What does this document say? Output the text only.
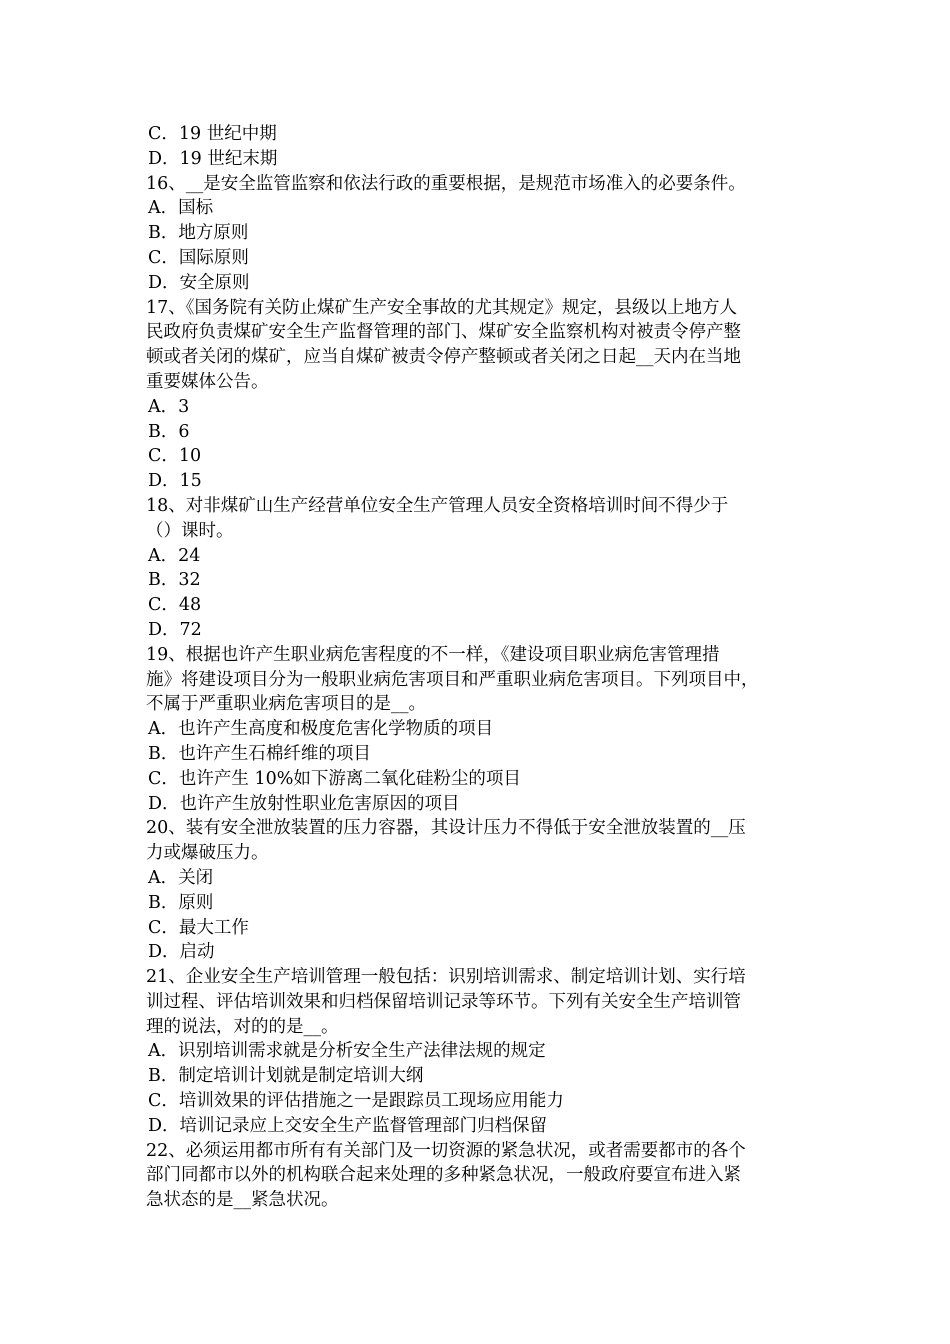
C．19 世纪中期
D．19 世纪末期
16、__是安全监管监察和依法行政的重要根据，是规范市场准入的必要条件。
A．国标
B．地方原则
C．国际原则
D．安全原则
17、《国务院有关防止煤矿生产安全事故的尤其规定》规定，县级以上地方人
民政府负责煤矿安全生产监督管理的部门、煤矿安全监察机构对被责令停产整
顿或者关闭的煤矿，应当自煤矿被责令停产整顿或者关闭之日起__天内在当地
重要媒体公告。
A．3
B．6
C．10
D．15
18、对非煤矿山生产经营单位安全生产管理人员安全资格培训时间不得少于
（）课时。
A．24
B．32
C．48
D．72
19、根据也许产生职业病危害程度的不一样，《建设项目职业病危害管理措
施》将建设项目分为一般职业病危害项目和严重职业病危害项目。下列项目中，
不属于严重职业病危害项目的是__。
A．也许产生高度和极度危害化学物质的项目
B．也许产生石棉纤维的项目
C．也许产生 10%如下游离二氧化硅粉尘的项目
D．也许产生放射性职业危害原因的项目
20、装有安全泄放装置的压力容器，其设计压力不得低于安全泄放装置的__压
力或爆破压力。
A．关闭
B．原则
C．最大工作
D．启动
21、企业安全生产培训管理一般包括：识别培训需求、制定培训计划、实行培
训过程、评估培训效果和归档保留培训记录等环节。下列有关安全生产培训管
理的说法，对的的是__。
A．识别培训需求就是分析安全生产法律法规的规定
B．制定培训计划就是制定培训大纲
C．培训效果的评估措施之一是跟踪员工现场应用能力
D．培训记录应上交安全生产监督管理部门归档保留
22、必须运用都市所有有关部门及一切资源的紧急状况，或者需要都市的各个
部门同都市以外的机构联合起来处理的多种紧急状况，一般政府要宣布进入紧
急状态的是__紧急状况。
